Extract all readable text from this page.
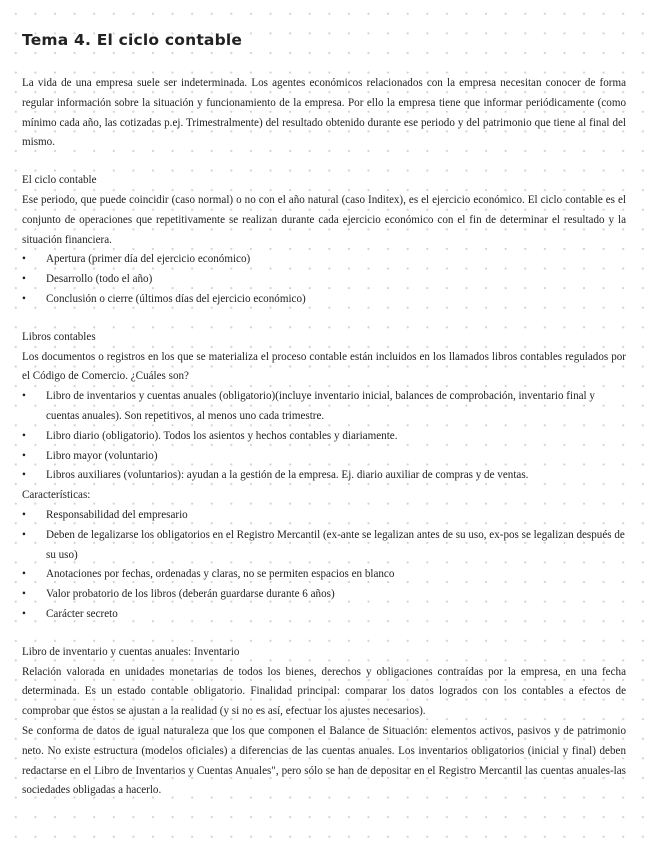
Tema 4. El ciclo contable

La vida de una empresa suele ser indeterminada. Los agentes económicos relacionados con la empresa necesitan conocer de forma regular información sobre la situación y funcionamiento de la empresa. Por ello la empresa tiene que informar periódicamente (como mínimo cada año, las cotizadas p.ej. Trimestralmente) del resultado obtenido durante ese periodo y del patrimonio que tiene al final del mismo.

El ciclo contable

Ese periodo, que puede coincidir (caso normal) o no con el año natural (caso Inditex), es el ejercicio económico. El ciclo contable es el conjunto de operaciones que repetitivamente se realizan durante cada ejercicio económico con el fin de determinar el resultado y la situación financiera.

• Apertura (primer día del ejercicio económico)
• Desarrollo (todo el año)
• Conclusión o cierre (últimos días del ejercicio económico)

Libros contables

Los documentos o registros en los que se materializa el proceso contable están incluidos en los llamados libros contables regulados por el Código de Comercio. ¿Cuáles son?

• Libro de inventarios y cuentas anuales (obligatorio)(incluye inventario inicial, balances de comprobación, inventario final y cuentas anuales). Son repetitivos, al menos uno cada trimestre.
• Libro diario (obligatorio). Todos los asientos y hechos contables y diariamente.
• Libro mayor (voluntario)
• Libros auxiliares (voluntarios): ayudan a la gestión de la empresa. Ej. diario auxiliar de compras y de ventas.

Características:

• Responsabilidad del empresario
• Deben de legalizarse los obligatorios en el Registro Mercantil (ex-ante se legalizan antes de su uso, ex-pos se legalizan después de su uso)
• Anotaciones por fechas, ordenadas y claras, no se permiten espacios en blanco
• Valor probatorio de los libros (deberán guardarse durante 6 años)
• Carácter secreto

Libro de inventario y cuentas anuales: Inventario

Relación valorada en unidades monetarias de todos los bienes, derechos y obligaciones contraídas por la empresa, en una fecha determinada. Es un estado contable obligatorio. Finalidad principal: comparar los datos logrados con los contables a efectos de comprobar que éstos se ajustan a la realidad (y si no es así, efectuar los ajustes necesarios).

Se conforma de datos de igual naturaleza que los que componen el Balance de Situación: elementos activos, pasivos y de patrimonio neto. No existe estructura (modelos oficiales) a diferencias de las cuentas anuales. Los inventarios obligatorios (inicial y final) deben redactarse en el Libro de Inventarios y Cuentas Anuales", pero sólo se han de depositar en el Registro Mercantil las cuentas anuales-las sociedades obligadas a hacerlo.
